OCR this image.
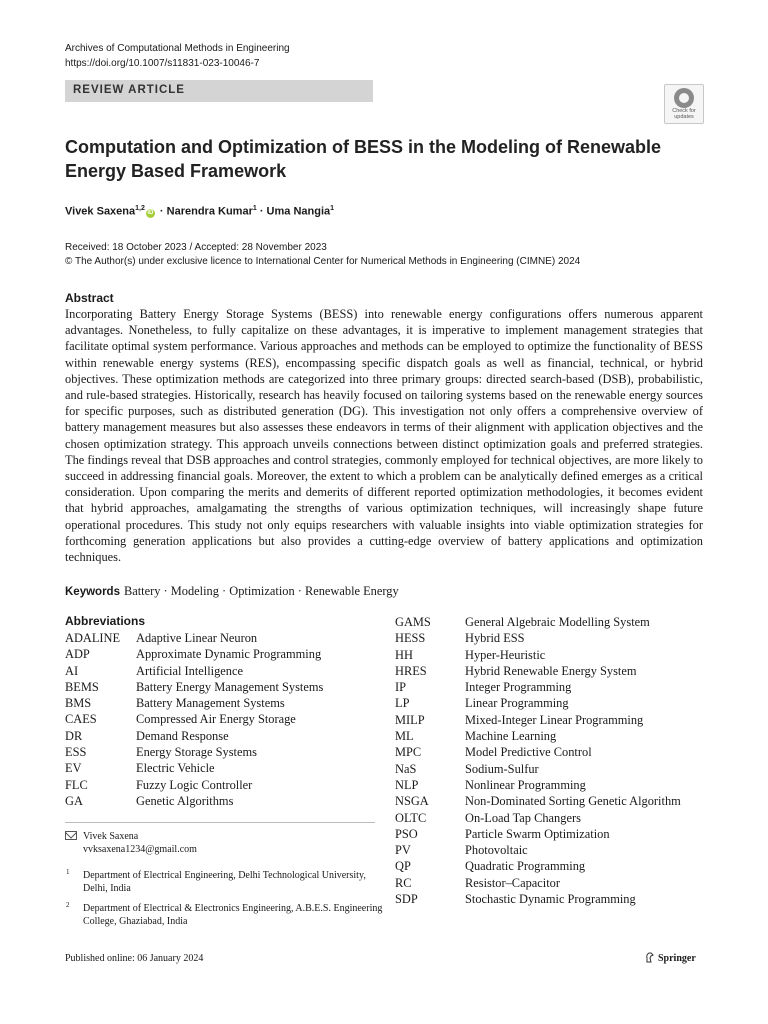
Archives of Computational Methods in Engineering
https://doi.org/10.1007/s11831-023-10046-7
REVIEW ARTICLE
Check for updates
Computation and Optimization of BESS in the Modeling of Renewable Energy Based Framework
Vivek Saxena$^{1,2}$iD · Narendra Kumar$^1$ · Uma Nangia$^1$
Received: 18 October 2023 / Accepted: 28 November 2023
© The Author(s) under exclusive licence to International Center for Numerical Methods in Engineering (CIMNE) 2024
Abstract
Incorporating Battery Energy Storage Systems (BESS) into renewable energy configurations offers numerous apparent advantages. Nonetheless, to fully capitalize on these advantages, it is imperative to implement management strategies that facilitate optimal system performance. Various approaches and methods can be employed to optimize the functionality of BESS within renewable energy systems (RES), encompassing specific dispatch goals as well as financial, technical, or hybrid objectives. These optimization methods are categorized into three primary groups: directed search-based (DSB), probabilistic, and rule-based strategies. Historically, research has heavily focused on tailoring systems based on the renewable energy sources for specific purposes, such as distributed generation (DG). This investigation not only offers a comprehensive overview of battery management measures but also assesses these endeavors in terms of their alignment with application objectives and the chosen optimization strategy. This approach unveils connections between distinct optimization goals and preferred strategies. The findings reveal that DSB approaches and control strategies, commonly employed for technical objectives, are more likely to succeed in addressing financial goals. Moreover, the extent to which a problem can be analytically defined emerges as a critical consideration. Upon comparing the merits and demerits of different reported optimization methodologies, it becomes evident that hybrid approaches, amalgamating the strengths of various optimization techniques, will increasingly shape future operational procedures. This study not only equips researchers with valuable insights into viable optimization strategies for forthcoming generation applications but also provides a cutting-edge overview of battery applications and optimization techniques.
Keywords Battery · Modeling · Optimization · Renewable Energy
Abbreviations
ADALINE Adaptive Linear Neuron
ADP	Approximate Dynamic Programming
AI	Artificial Intelligence
BEMS	Battery Energy Management Systems
BMS	Battery Management Systems
CAES	Compressed Air Energy Storage
DR	Demand Response
ESS	Energy Storage Systems
EV	Electric Vehicle
FLC	Fuzzy Logic Controller
GA	Genetic Algorithms
GAMS	General Algebraic Modelling System
HESS	Hybrid ESS
HH	Hyper-Heuristic
HRES	Hybrid Renewable Energy System
IP	Integer Programming
LP	Linear Programming
MILP	Mixed-Integer Linear Programming
ML	Machine Learning
MPC	Model Predictive Control
NaS	Sodium-Sulfur
NLP	Nonlinear Programming
NSGA	Non-Dominated Sorting Genetic Algorithm
OLTC	On-Load Tap Changers
PSO	Particle Swarm Optimization
PV	Photovoltaic
QP	Quadratic Programming
RC	Resistor–Capacitor
SDP	Stochastic Dynamic Programming
Vivek Saxena
vvksaxena1234@gmail.com
1 Department of Electrical Engineering, Delhi Technological University, Delhi, India
2 Department of Electrical & Electronics Engineering, A.B.E.S. Engineering College, Ghaziabad, India
Published online: 06 January 2024	Springer
